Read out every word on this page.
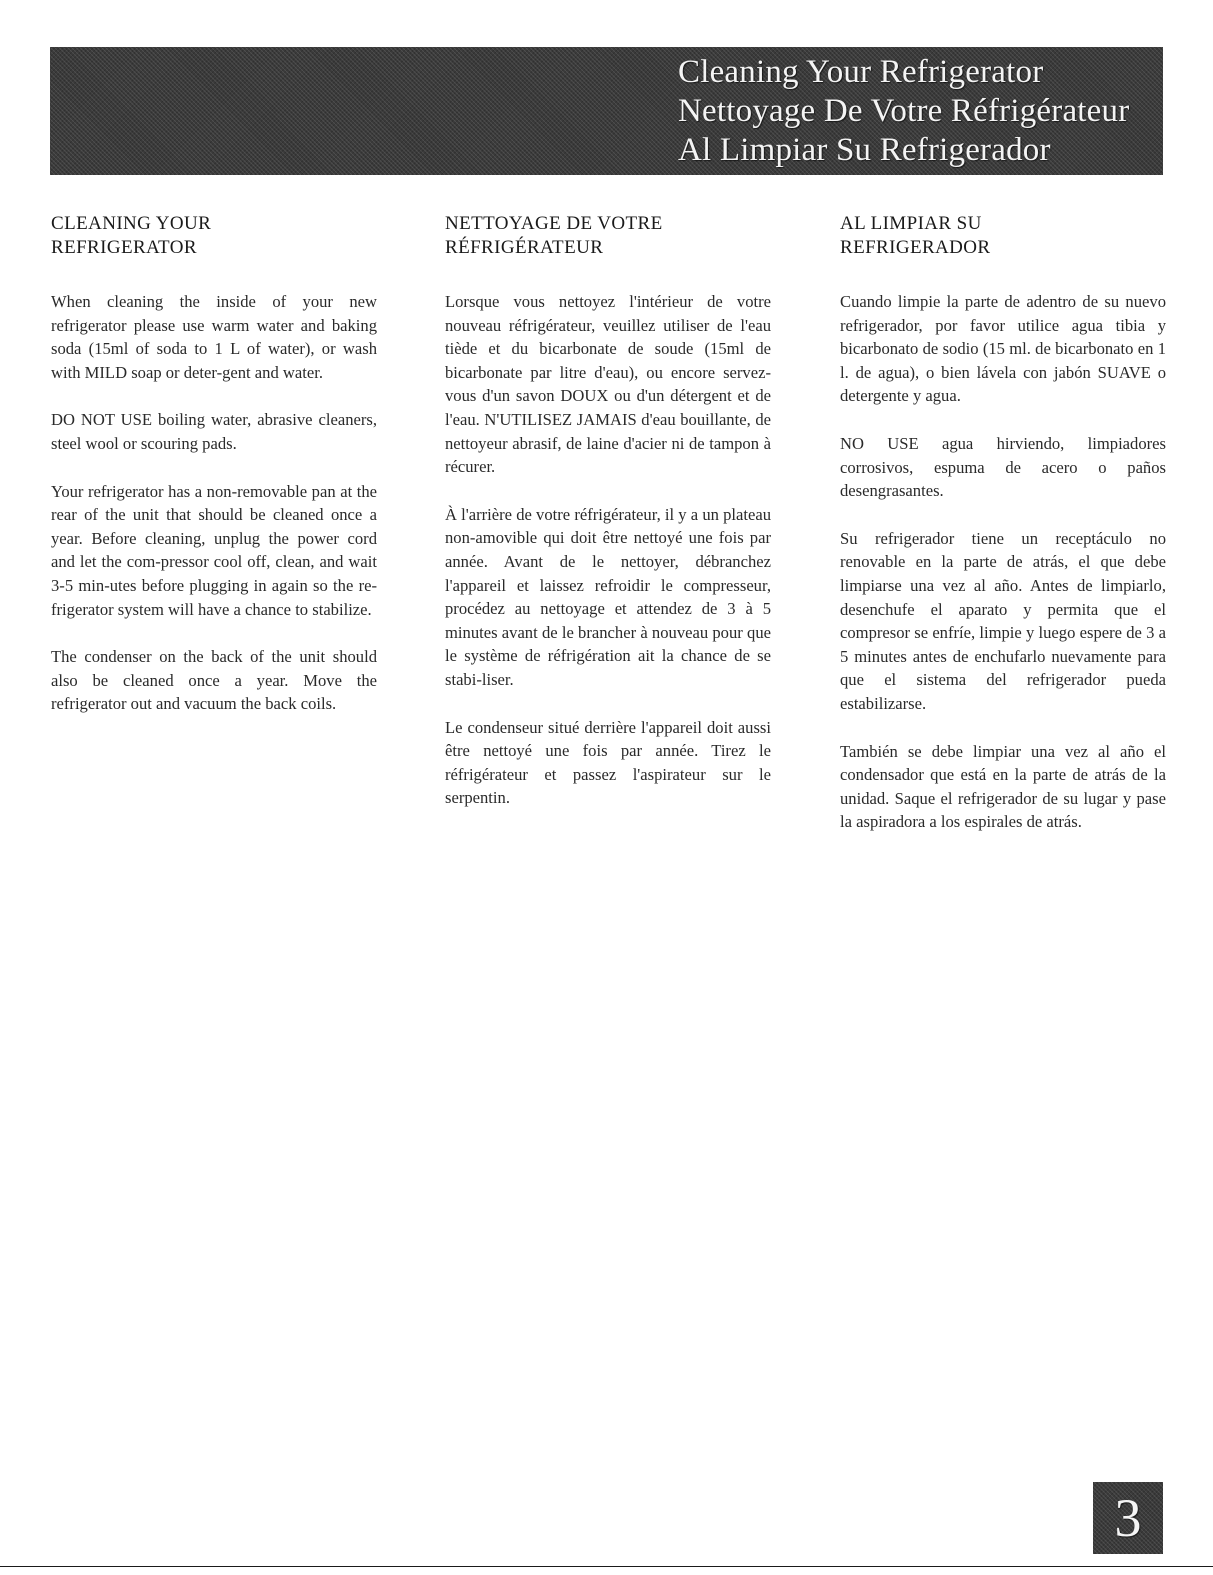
Cleaning Your Refrigerator
Nettoyage De Votre Réfrigérateur
Al Limpiar Su Refrigerador
CLEANING YOUR
REFRIGERATOR

When cleaning the inside of your new refrigerator please use warm water and baking soda (15ml of soda to 1 L of water), or wash with MILD soap or deter-gent and water.

DO NOT USE boiling water, abrasive cleaners, steel wool or scouring pads.

Your refrigerator has a non-removable pan at the rear of the unit that should be cleaned once a year. Before cleaning, unplug the power cord and let the com-pressor cool off, clean, and wait 3-5 min-utes before plugging in again so the re-frigerator system will have a chance to stabilize.

The condenser on the back of the unit should also be cleaned once a year. Move the refrigerator out and vacuum the back coils.

NETTOYAGE DE VOTRE
RÉFRIGÉRATEUR

Lorsque vous nettoyez l'intérieur de votre nouveau réfrigérateur, veuillez utiliser de l'eau tiède et du bicarbonate de soude (15ml de bicarbonate par litre d'eau), ou encore servez-vous d'un savon DOUX ou d'un détergent et de l'eau. N'UTILISEZ JAMAIS d'eau bouillante, de nettoyeur abrasif, de laine d'acier ni de tampon à récurer.

À l'arrière de votre réfrigérateur, il y a un plateau non-amovible qui doit être nettoyé une fois par année. Avant de le nettoyer, débranchez l'appareil et laissez refroidir le compresseur, procédez au nettoyage et attendez de 3 à 5 minutes avant de le brancher à nouveau pour que le système de réfrigération ait la chance de se stabi-liser.

Le condenseur situé derrière l'appareil doit aussi être nettoyé une fois par année. Tirez le réfrigérateur et passez l'aspirateur sur le serpentin.

AL LIMPIAR SU
REFRIGERADOR

Cuando limpie la parte de adentro de su nuevo refrigerador, por favor utilice agua tibia y bicarbonato de sodio (15 ml. de bicarbonato en 1 l. de agua), o bien lávela con jabón SUAVE o detergente y agua.

NO USE agua hirviendo, limpiadores corrosivos, espuma de acero o paños desengrasantes.

Su refrigerador tiene un receptáculo no renovable en la parte de atrás, el que debe limpiarse una vez al año. Antes de limpiarlo, desenchufe el aparato y permita que el compresor se enfríe, limpie y luego espere de 3 a 5 minutes antes de enchufarlo nuevamente para que el sistema del refrigerador pueda estabilizarse.

También se debe limpiar una vez al año el condensador que está en la parte de atrás de la unidad. Saque el refrigerador de su lugar y pase la aspiradora a los espirales de atrás.

3
